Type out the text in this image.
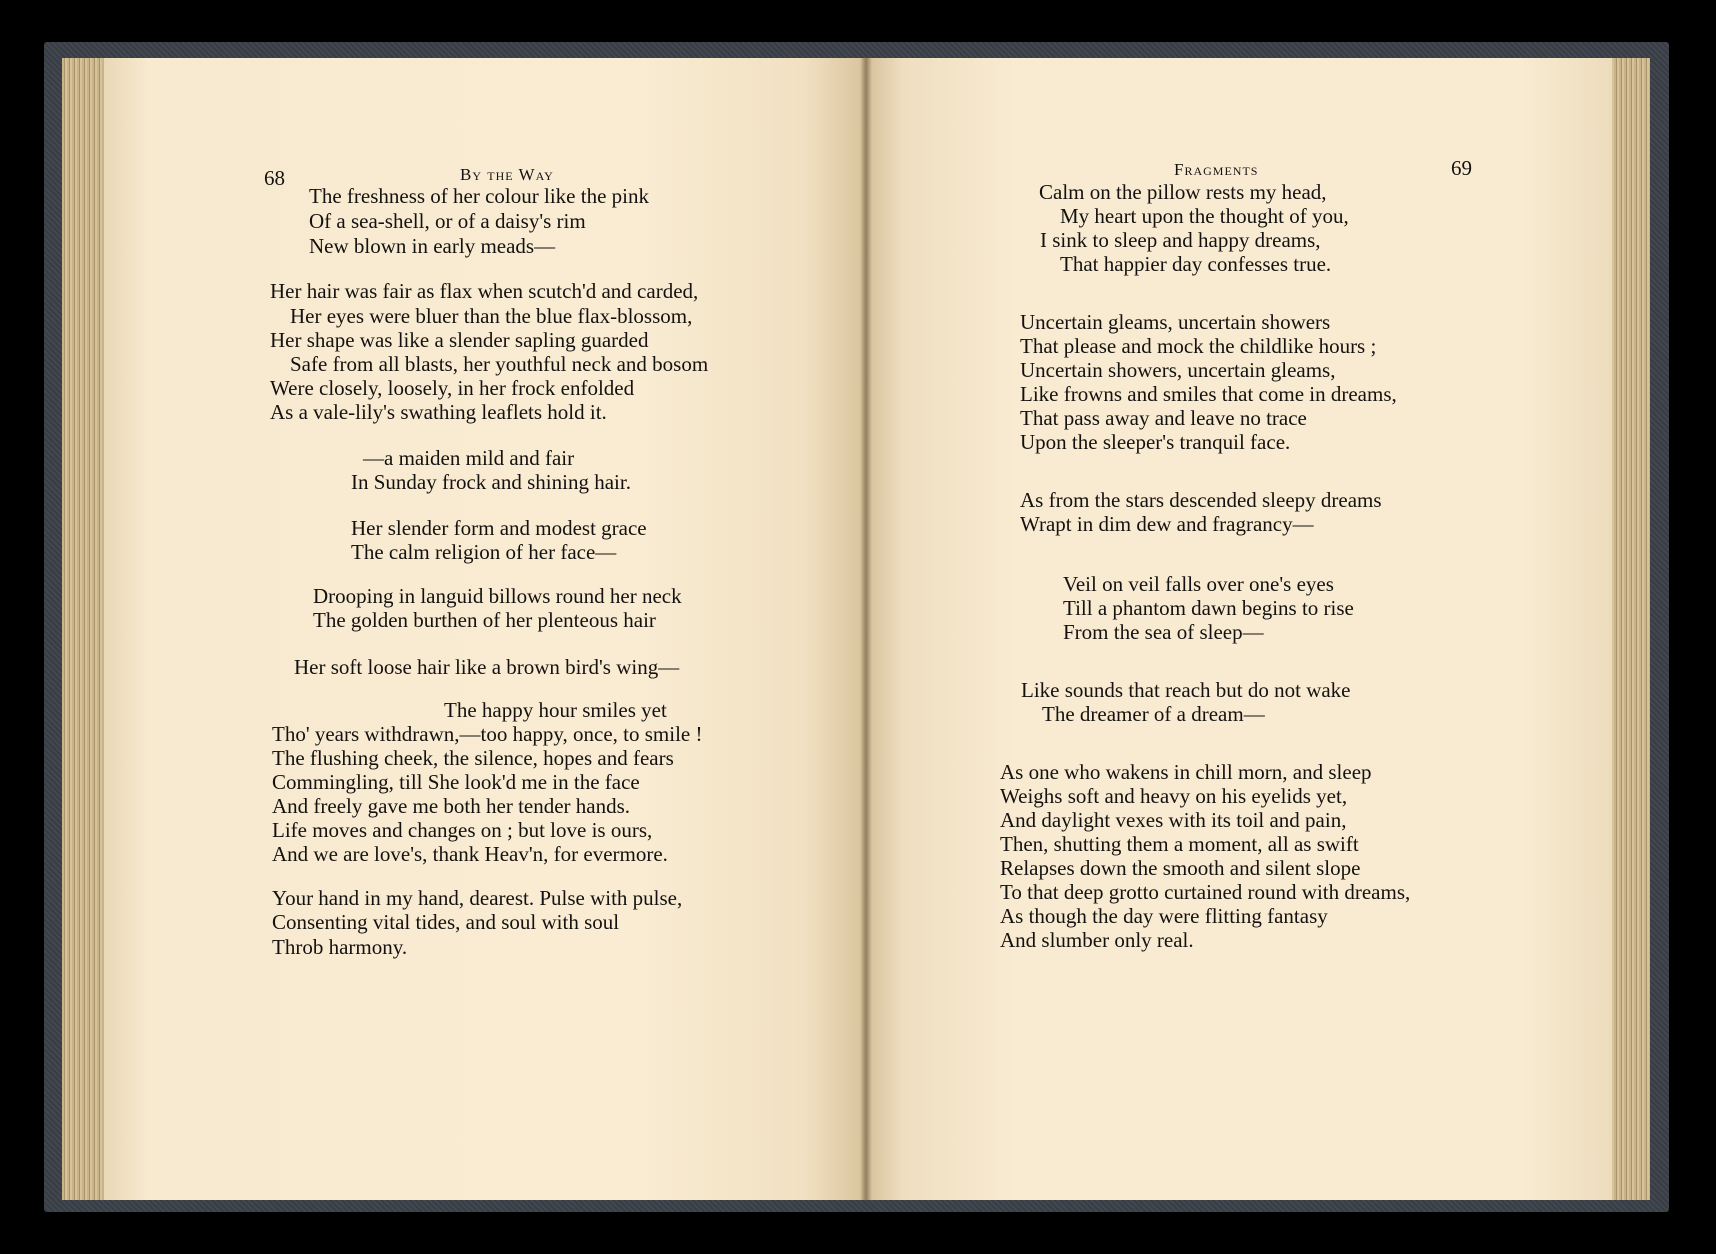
68	By the Way
The freshness of her colour like the pink
Of a sea-shell, or of a daisy's rim
New blown in early meads—
Her hair was fair as flax when scutch'd and carded,
Her eyes were bluer than the blue flax-blossom,
Her shape was like a slender sapling guarded
Safe from all blasts, her youthful neck and bosom
Were closely, loosely, in her frock enfolded
As a vale-lily's swathing leaflets hold it.
—a maiden mild and fair
In Sunday frock and shining hair.
Her slender form and modest grace
The calm religion of her face—
Drooping in languid billows round her neck
The golden burthen of her plenteous hair
Her soft loose hair like a brown bird's wing—
The happy hour smiles yet
Tho' years withdrawn,—too happy, once, to smile !
The flushing cheek, the silence, hopes and fears
Commingling, till She look'd me in the face
And freely gave me both her tender hands.
Life moves and changes on ; but love is ours,
And we are love's, thank Heav'n, for evermore.
Your hand in my hand, dearest. Pulse with pulse,
Consenting vital tides, and soul with soul
Throb harmony.
Fragments	69
Calm on the pillow rests my head,
My heart upon the thought of you,
I sink to sleep and happy dreams,
That happier day confesses true.
Uncertain gleams, uncertain showers
That please and mock the childlike hours ;
Uncertain showers, uncertain gleams,
Like frowns and smiles that come in dreams,
That pass away and leave no trace
Upon the sleeper's tranquil face.
As from the stars descended sleepy dreams
Wrapt in dim dew and fragrancy—
Veil on veil falls over one's eyes
Till a phantom dawn begins to rise
From the sea of sleep—
Like sounds that reach but do not wake
The dreamer of a dream—
As one who wakens in chill morn, and sleep
Weighs soft and heavy on his eyelids yet,
And daylight vexes with its toil and pain,
Then, shutting them a moment, all as swift
Relapses down the smooth and silent slope
To that deep grotto curtained round with dreams,
As though the day were flitting fantasy
And slumber only real.
